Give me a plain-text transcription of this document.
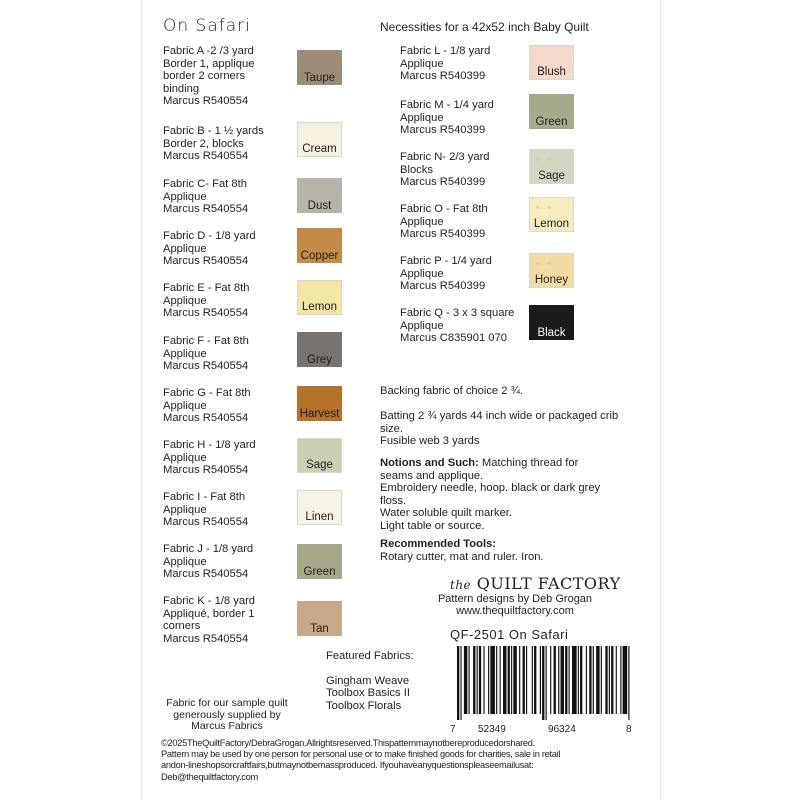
On Safari	Necessities for a 42x52 inch Baby Quilt
Fabric A -2 /3 yard
Border 1, applique
border 2 corners
binding
Marcus R540554
Taupe
Fabric B - 1 ½ yards
Border 2, blocks
Marcus R540554
Cream
Fabric C- Fat 8th
Applique
Marcus R540554	Dust
Fabric D - 1/8 yard
Applique
Marcus R540554	Copper
Fabric E - Fat 8th
Applique
Marcus R540554
Lemon
Fabric F - Fat 8th
Applique
Marcus R540554
Grey
Fabric G - Fat 8th
Applique
Marcus R540554	Harvest
Fabric H - 1/8 yard
Applique
Marcus R540554	Sage
Fabric I - Fat 8th
Applique
Marcus R540554	Linen
Fabric J - 1/8 yard
Applique
Marcus R540554	Green
Fabric K - 1/8 yard
Appliqué, border 1
corners
Marcus R540554
Tan
Fabric L - 1/8 yard
Applique
Marcus R540399	Blush
Fabric M - 1/4 yard
Applique
Marcus R540399
Green
Fabric N- 2/3 yard
Blocks
Marcus R540399
∘∘
Sage
Fabric O - Fat 8th
Applique
Marcus R540399
∘∘
Lemon
Fabric P - 1/4 yard
Applique
Marcus R540399
∘∘
Honey
Fabric Q - 3 x 3 square
Applique
Marcus C835901 070	Black
Backing fabric of choice 2 ¾.
Batting 2 ¾ yards 44 inch wide or packaged crib
size.
Fusible web 3 yards
Notions and Such: Matching thread for
seams and applique.
Embroidery needle, hoop. black or dark grey
floss.
Water soluble quilt marker.
Light table or source.
Recommended Tools:
Rotary cutter, mat and ruler. Iron.
the QUILT FACTORY
Pattern designs by Deb Grogan
www.thequiltfactory.com
QF-2501 On Safari
Featured Fabrics:
Gingham Weave
Toolbox Basics II
Toolbox Florals
7 52349	96324	8
Fabric for our sample quilt generously supplied by Marcus Fabrics
©2025TheQuiltFactory/DebraGrogan.Allrightsreserved.Thispatternmaynotbereproducedorshared.
Pattern may be used by one person for personal use or to make finished goods for charities, sale in retail
andon-lineshopsorcraftfairs,butmaynotbemassproduced. Ifyouhaveanyquestionspleaseemailusat:
Deb@thequiltfactory.com
